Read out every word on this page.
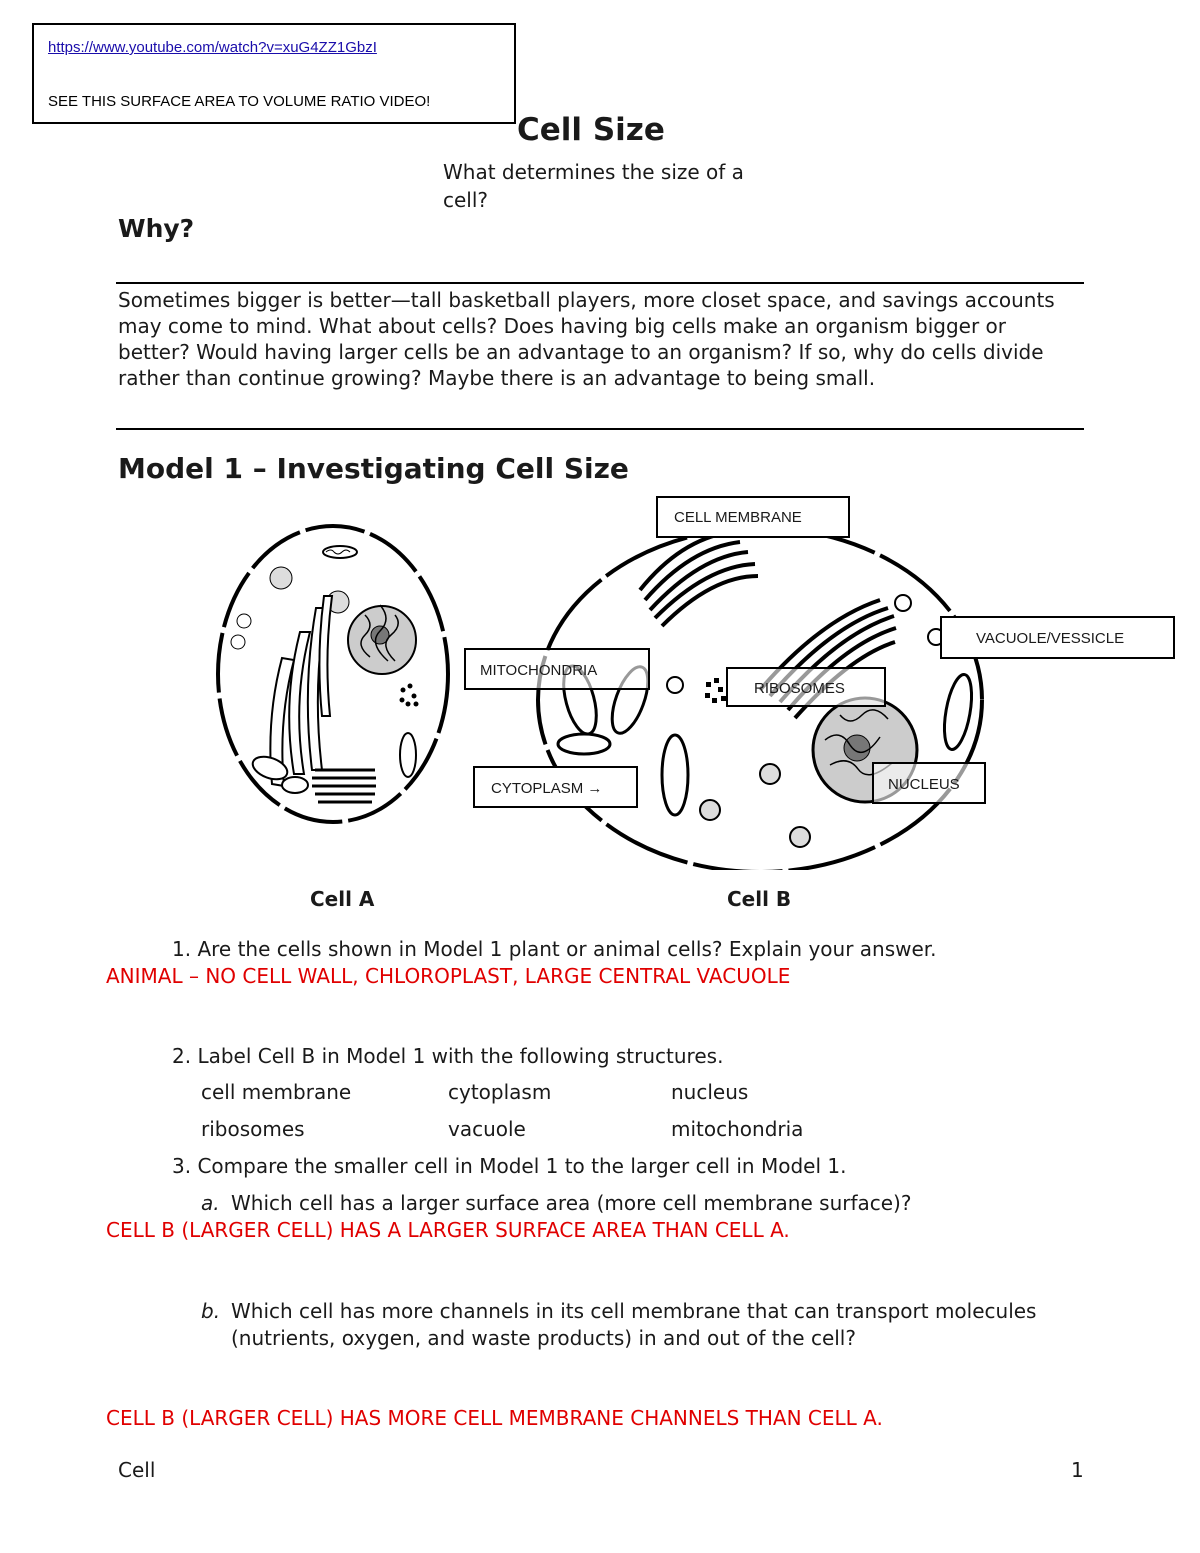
https://www.youtube.com/watch?v=xuG4ZZ1GbzI
SEE THIS SURFACE AREA TO VOLUME RATIO VIDEO!
Cell Size
What determines the size of a cell?
Why?
Sometimes bigger is better—tall basketball players, more closet space, and savings accounts may come to mind. What about cells? Does having big cells make an organism bigger or better? Would having larger cells be an advantage to an organism? If so, why do cells divide rather than continue growing? Maybe there is an advantage to being small.
Model 1 – Investigating Cell Size
CELL MEMBRANE
VACUOLE/VESSICLE
MITOCHONDRIA
RIBOSOMES
CYTOPLASM →	NUCLEUS
Cell A	Cell B
1. Are the cells shown in Model 1 plant or animal cells? Explain your answer.
ANIMAL – NO CELL WALL, CHLOROPLAST, LARGE CENTRAL VACUOLE
2. Label Cell B in Model 1 with the following structures.
cell membrane	cytoplasm	nucleus
ribosomes	vacuole	mitochondria
3. Compare the smaller cell in Model 1 to the larger cell in Model 1.
a. Which cell has a larger surface area (more cell membrane surface)?
CELL B (LARGER CELL) HAS A LARGER SURFACE AREA THAN CELL A.
b. Which cell has more channels in its cell membrane that can transport molecules (nutrients, oxygen, and waste products) in and out of the cell?
CELL B (LARGER CELL) HAS MORE CELL MEMBRANE CHANNELS THAN CELL A.
Cell	1
